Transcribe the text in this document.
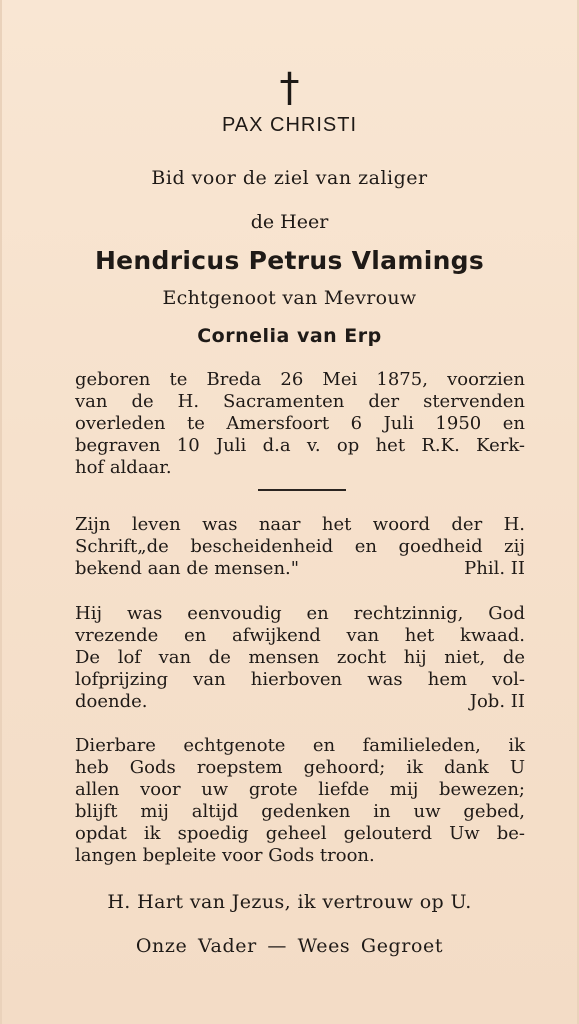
†
PAX CHRISTI
Bid voor de ziel van zaliger
de Heer
Hendricus Petrus Vlamings
Echtgenoot van Mevrouw
Cornelia van Erp
geboren te Breda 26 Mei 1875, voorzien
van de H. Sacramenten der stervenden
overleden te Amersfoort 6 Juli 1950 en
begraven 10 Juli d.a v. op het R.K. Kerk-
hof aldaar.
Zijn leven was naar het woord der H.
Schrift„de bescheidenheid en goedheid zij
bekend aan de mensen."	Phil. II
Hij was eenvoudig en rechtzinnig, God
vrezende en afwijkend van het kwaad.
De lof van de mensen zocht hij niet, de
lofprijzing van hierboven was hem vol-
doende.	Job. II
Dierbare echtgenote en familieleden, ik
heb Gods roepstem gehoord; ik dank U
allen voor uw grote liefde mij bewezen;
blijft mij altijd gedenken in uw gebed,
opdat ik spoedig geheel gelouterd Uw be-
langen bepleite voor Gods troon.
H. Hart van Jezus, ik vertrouw op U.
Onze Vader — Wees Gegroet
